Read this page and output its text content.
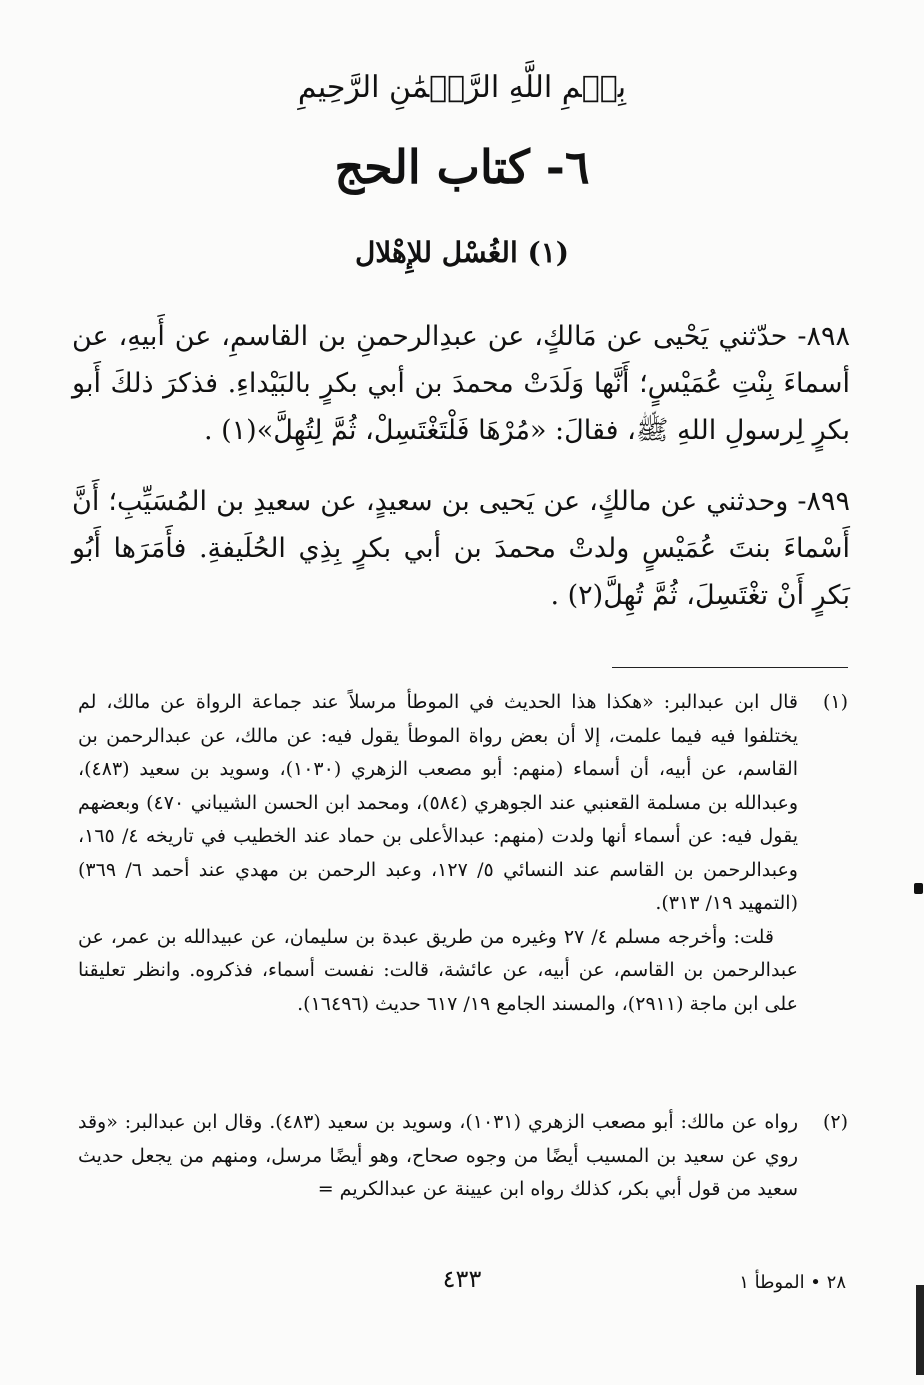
بِسۡمِ اللَّهِ الرَّحۡمَٰنِ الرَّحِيمِ
٦- كتاب الحج
(١) الغُسْل للإِهْلال
٨٩٨- حدّثني يَحْيى عن مَالكٍ، عن عبدِالرحمنِ بن القاسمِ، عن أَبيهِ، عن أسماءَ بِنْتِ عُمَيْسٍ؛ أَنَّها وَلَدَتْ محمدَ بن أبي بكرٍ بالبَيْداءِ. فذكرَ ذلكَ أَبو بكرٍ لِرسولِ اللهِ ﷺ، فقالَ: «مُرْهَا فَلْتَغْتَسِلْ، ثُمَّ لِتُهِلَّ»(١) .
٨٩٩- وحدثني عن مالكٍ، عن يَحيى بن سعيدٍ، عن سعيدِ بن المُسَيِّبِ؛ أَنَّ أَسْماءَ بنتَ عُمَيْسٍ ولدتْ محمدَ بن أبي بكرٍ بِذِي الحُلَيفةِ. فأَمَرَها أَبُو بَكرٍ أَنْ تغْتَسِلَ، ثُمَّ تُهِلَّ(٢) .
(١)

قال ابن عبدالبر: «هكذا هذا الحديث في الموطأ مرسلاً عند جماعة الرواة عن مالك، لم يختلفوا فيه فيما علمت، إلا أن بعض رواة الموطأ يقول فيه: عن مالك، عن عبدالرحمن بن القاسم، عن أبيه، أن أسماء (منهم: أبو مصعب الزهري (١٠٣٠)، وسويد بن سعيد (٤٨٣)، وعبدالله بن مسلمة القعنبي عند الجوهري (٥٨٤)، ومحمد ابن الحسن الشيباني ٤٧٠) وبعضهم يقول فيه: عن أسماء أنها ولدت (منهم: عبدالأعلى بن حماد عند الخطيب في تاريخه ٤/ ١٦٥، وعبدالرحمن بن القاسم عند النسائي ٥/ ١٢٧، وعبد الرحمن بن مهدي عند أحمد ٦/ ٣٦٩) (التمهيد ١٩/ ٣١٣).

قلت: وأخرجه مسلم ٤/ ٢٧ وغيره من طريق عبدة بن سليمان، عن عبيدالله بن عمر، عن عبدالرحمن بن القاسم، عن أبيه، عن عائشة، قالت: نفست أسماء، فذكروه. وانظر تعليقنا على ابن ماجة (٢٩١١)، والمسند الجامع ١٩/ ٦١٧ حديث (١٦٤٩٦).

(٢)

رواه عن مالك: أبو مصعب الزهري (١٠٣١)، وسويد بن سعيد (٤٨٣). وقال ابن عبدالبر: «وقد روي عن سعيد بن المسيب أيضًا من وجوه صحاح، وهو أيضًا مرسل، ومنهم من يجعل حديث سعيد من قول أبي بكر، كذلك رواه ابن عيينة عن عبدالكريم =

٤٣٣	٢٨ • الموطأ ١
